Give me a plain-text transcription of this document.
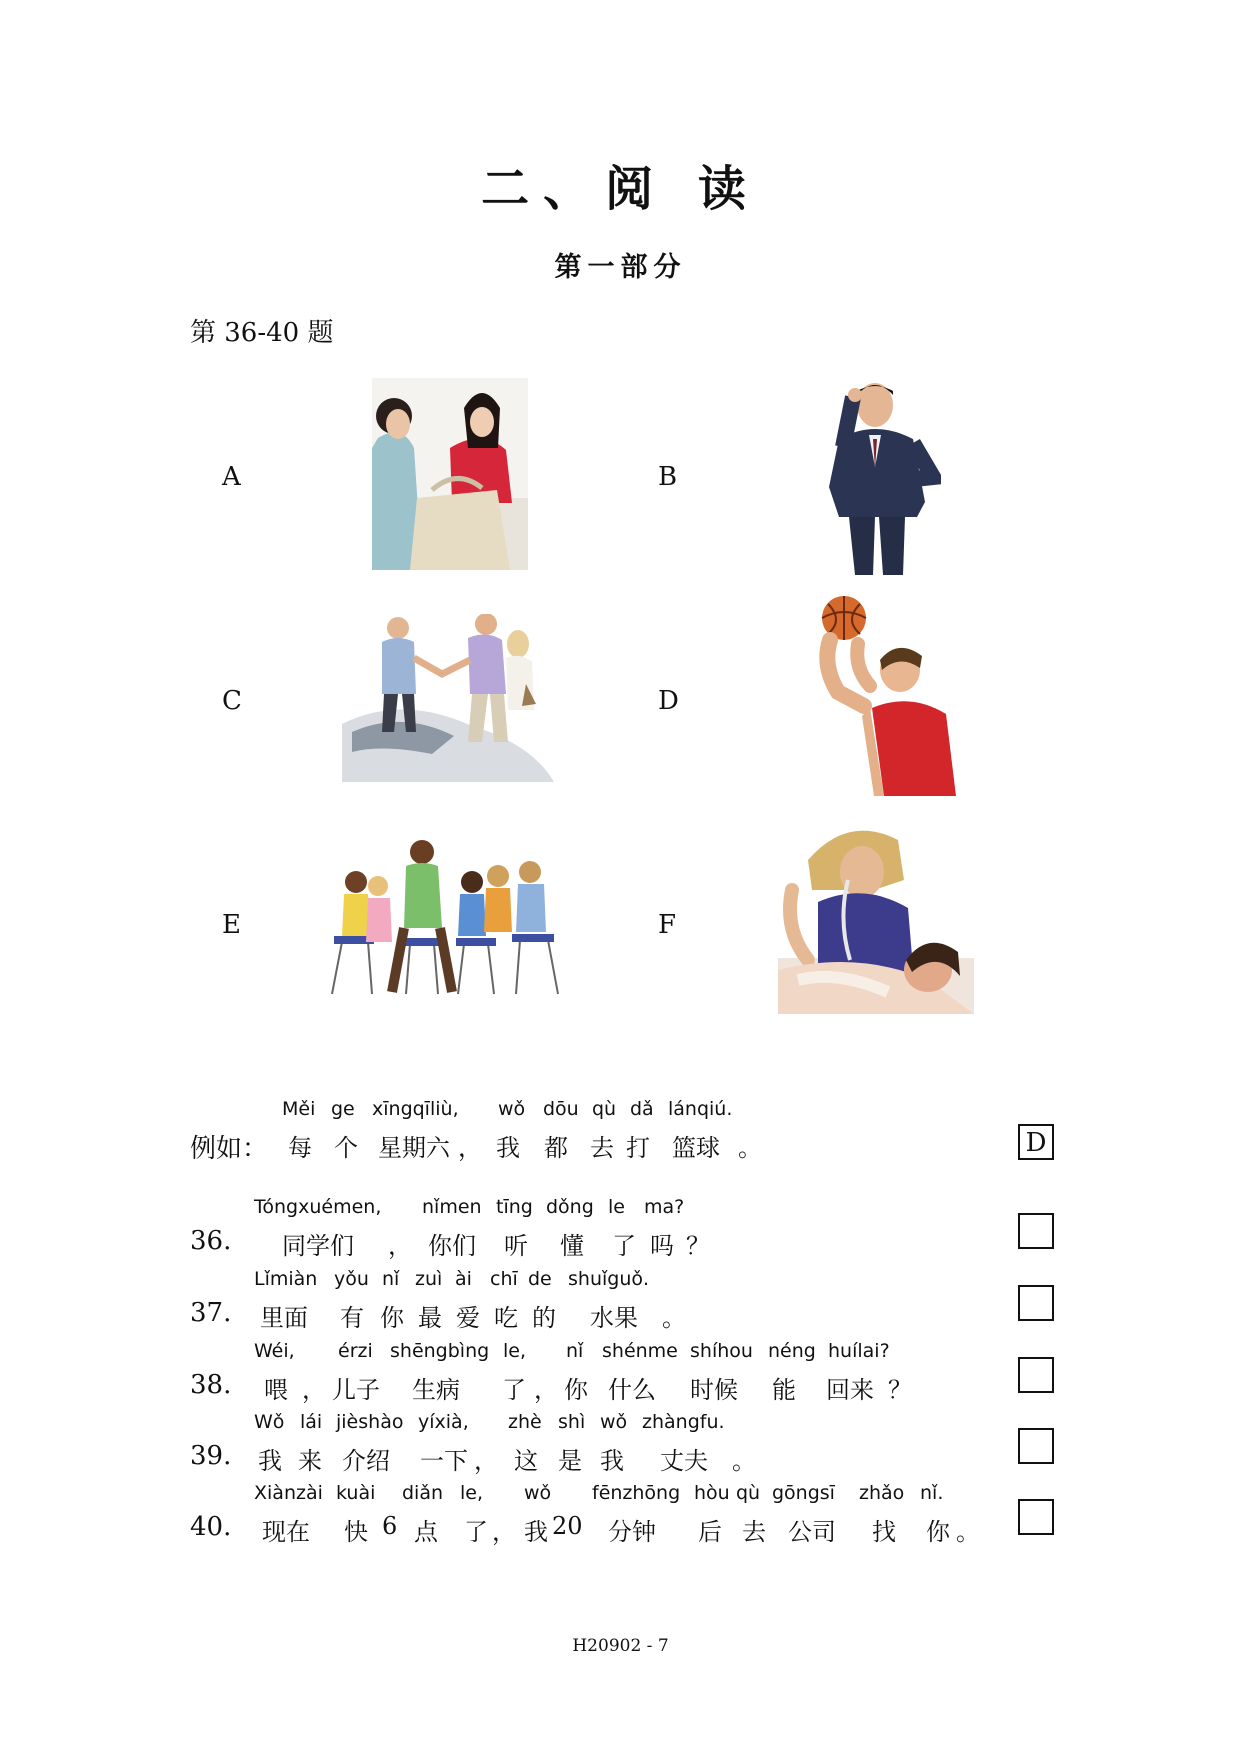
二、阅 读
第一部分
第 36-40 题
A	B
C	D
E	F
例如：
Měi ge xīngqīliù, wǒ dōu qù dǎ lánqiú.
每 个 星期六 ， 我 都 去 打 篮球 。	D
36.
Tóngxuémen, nǐmen tīng dǒng le ma?
同学们 ， 你们 听 懂 了 吗 ？
37.
Lǐmiàn yǒu nǐ zuì ài chī de shuǐguǒ.
里面 有 你 最 爱 吃 的 水果 。
38.
Wéi, érzi shēngbìng le, nǐ shénme shíhou néng huílai?
喂 ， 儿子 生病 了 ， 你 什么 时候 能 回来 ？
39.
Wǒ lái jièshào yíxià, zhè shì wǒ zhàngfu.
我 来 介绍 一下 ， 这 是 我 丈夫 。
40.
Xiànzài kuài diǎn le, wǒ fēnzhōng hòu qù gōngsī zhǎo nǐ.
现在 快 6 点 了 ， 我 20 分钟 后 去 公司 找 你 。
H20902 - 7
